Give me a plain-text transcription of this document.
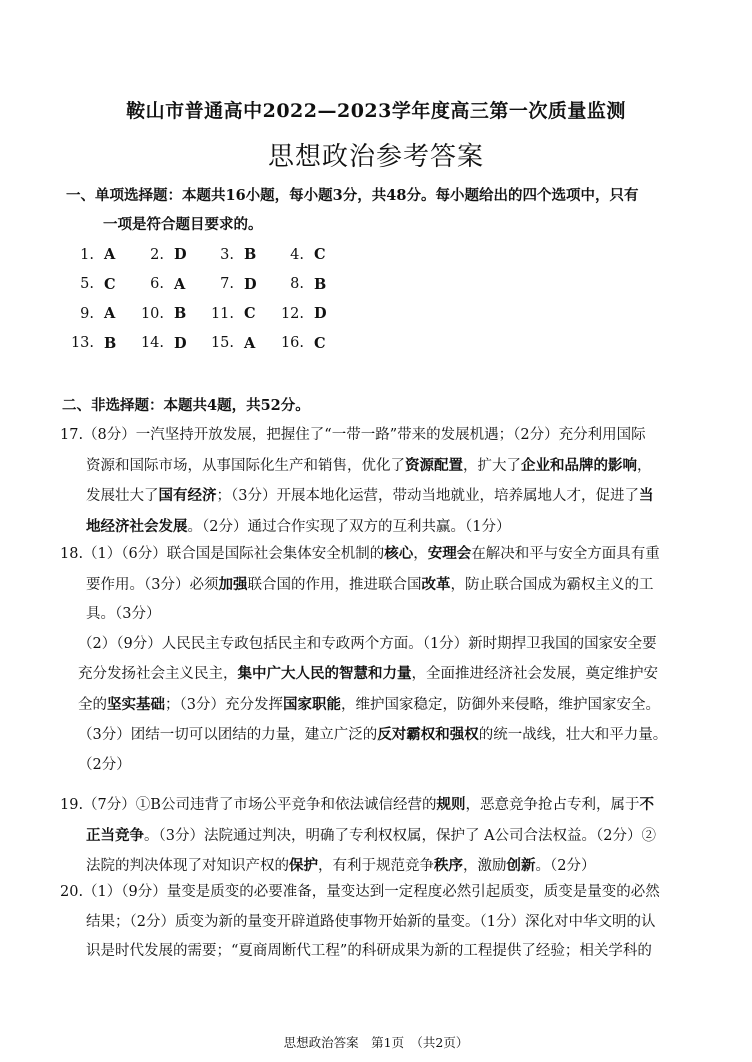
鞍山市普通高中2022—2023学年度高三第一次质量监测
思想政治参考答案
一、单项选择题：本题共16小题，每小题3分，共48分。每小题给出的四个选项中，只有
一项是符合题目要求的。
1.	A	2.	D	3.	B	4.	C
5.	C	6.	A	7.	D	8.	B
9.	A	10.	B	11.	C	12.	D
13.	B	14.	D	15.	A	16.	C
二、非选择题：本题共4题，共52分。
17.（8分）一汽坚持开放发展，把握住了“一带一路”带来的发展机遇；（2分）充分利用国际
资源和国际市场，从事国际化生产和销售，优化了资源配置，扩大了企业和品牌的影响，
发展壮大了国有经济；（3分）开展本地化运营，带动当地就业，培养属地人才，促进了当
地经济社会发展。（2分）通过合作实现了双方的互利共赢。（1分）
18.（1）（6分）联合国是国际社会集体安全机制的核心，安理会在解决和平与安全方面具有重
要作用。（3分）必须加强联合国的作用，推进联合国改革，防止联合国成为霸权主义的工
具。（3分）
（2）（9分）人民民主专政包括民主和专政两个方面。（1分）新时期捍卫我国的国家安全要
充分发扬社会主义民主，集中广大人民的智慧和力量，全面推进经济社会发展，奠定维护安
全的坚实基础；（3分）充分发挥国家职能，维护国家稳定，防御外来侵略，维护国家安全。
（3分）团结一切可以团结的力量，建立广泛的反对霸权和强权的统一战线，壮大和平力量。
（2分）
19.（7分）①B公司违背了市场公平竞争和依法诚信经营的规则，恶意竞争抢占专利，属于不
正当竞争。（3分）法院通过判决，明确了专利权权属，保护了 A公司合法权益。（2分）②
法院的判决体现了对知识产权的保护，有利于规范竞争秩序，激励创新。（2分）
20.（1）（9分）量变是质变的必要准备，量变达到一定程度必然引起质变，质变是量变的必然
结果；（2分）质变为新的量变开辟道路使事物开始新的量变。（1分）深化对中华文明的认
识是时代发展的需要；“夏商周断代工程”的科研成果为新的工程提供了经验；相关学科的
思想政治答案　第1页　（共2页）
